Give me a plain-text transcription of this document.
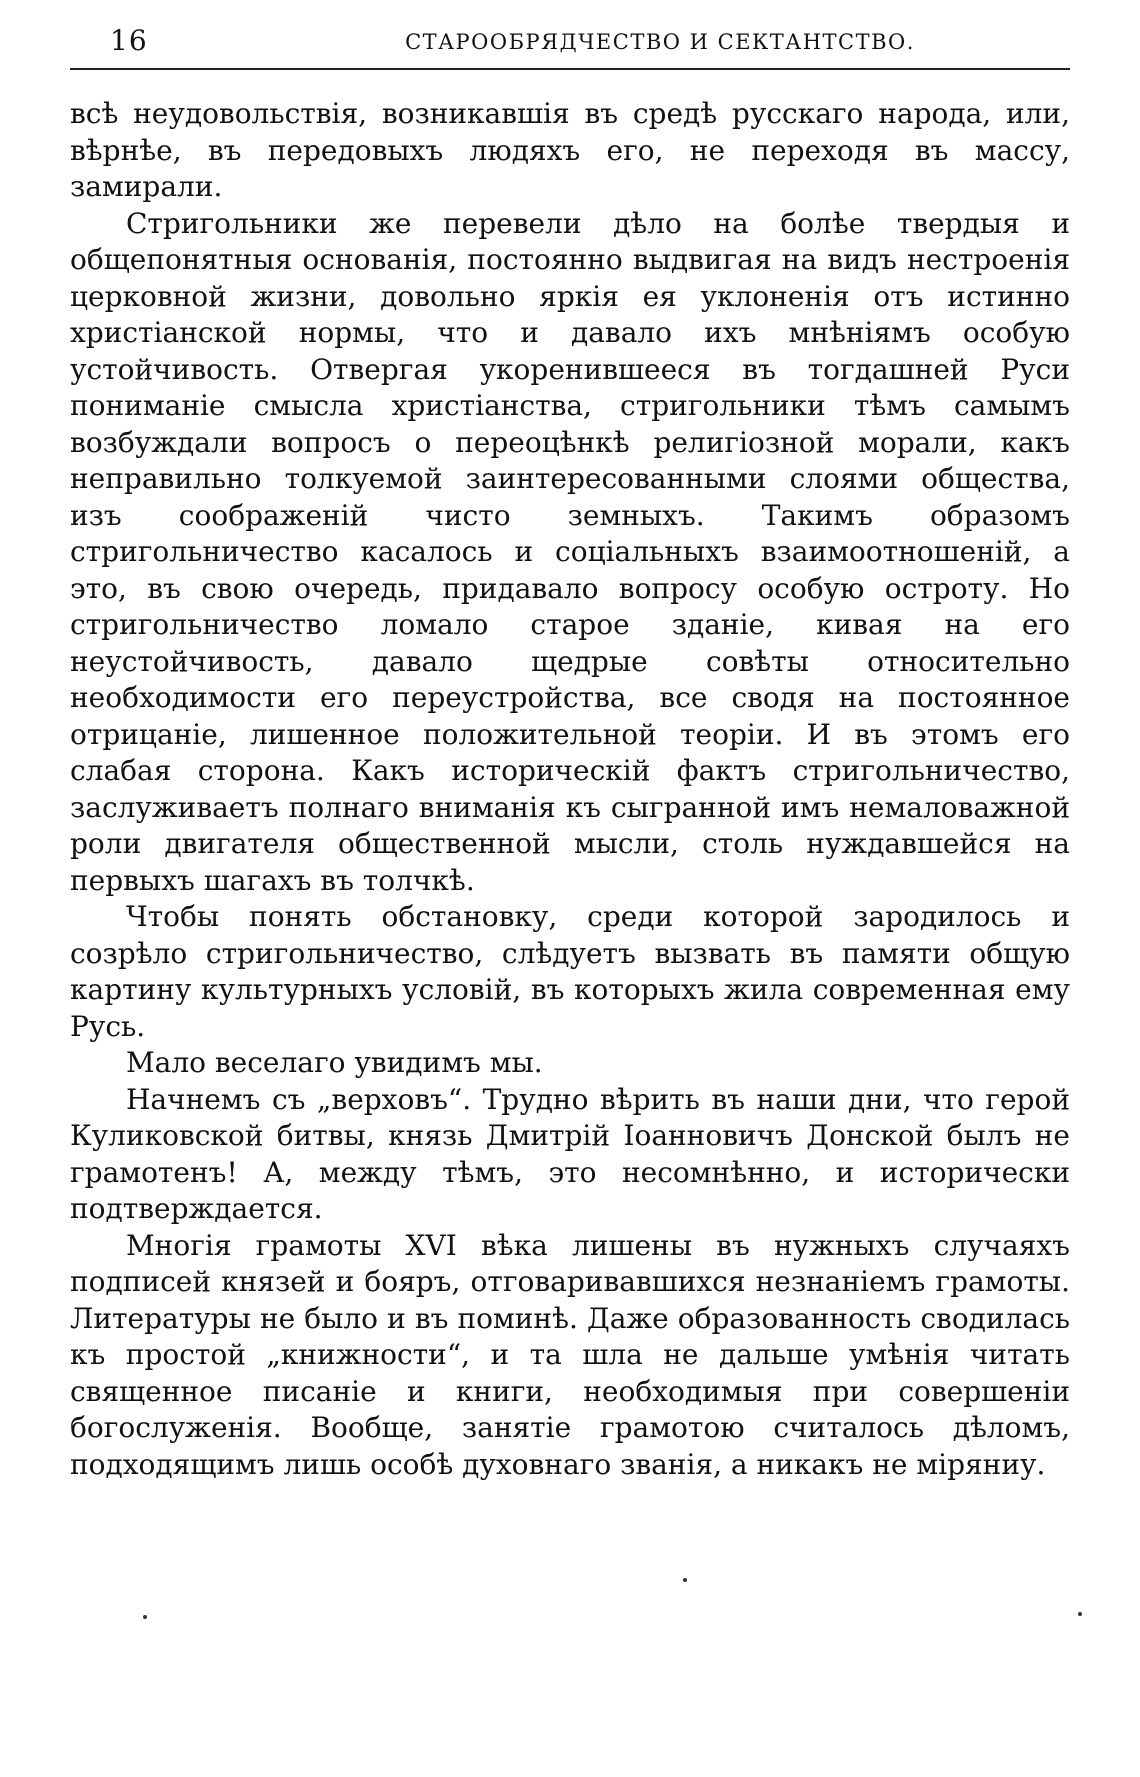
16	СТАРООБРЯДЧЕСТВО И СЕКТАНТСТВО.

всѣ неудовольствія, возникавшія въ средѣ русскаго народа, или, вѣрнѣе, въ передовыхъ людяхъ его, не переходя въ массу, замирали.

Стригольники же перевели дѣло на болѣе твердыя и общепонятныя основанія, постоянно выдвигая на видъ нестроенія церковной жизни, довольно яркія ея уклоненія отъ истинно христіанской нормы, что и давало ихъ мнѣніямъ особую устойчивость. Отвергая укоренившееся въ тогдашней Руси пониманіе смысла христіанства, стригольники тѣмъ самымъ возбуждали вопросъ о переоцѣнкѣ религіозной морали, какъ неправильно толкуемой заинтересованными слоями общества, изъ соображеній чисто земныхъ. Такимъ образомъ стригольничество касалось и соціальныхъ взаимоотношеній, а это, въ свою очередь, придавало вопросу особую остроту. Но стригольничество ломало старое зданіе, кивая на его неустойчивость, давало щедрые совѣты относительно необходимости его переустройства, все сводя на постоянное отрицаніе, лишенное положительной теоріи. И въ этомъ его слабая сторона. Какъ историческій фактъ стригольничество, заслуживаетъ полнаго вниманія къ сыгранной имъ немаловажной роли двигателя общественной мысли, столь нуждавшейся на первыхъ шагахъ въ толчкѣ.

Чтобы понять обстановку, среди которой зародилось и созрѣло стригольничество, слѣдуетъ вызвать въ памяти общую картину культурныхъ условій, въ которыхъ жила современная ему Русь.

Мало веселаго увидимъ мы.

Начнемъ съ „верховъ“. Трудно вѣрить въ наши дни, что герой Куликовской битвы, князь Дмитрій Іоанновичъ Донской былъ не грамотенъ! А, между тѣмъ, это несомнѣнно, и исторически подтверждается.

Многія грамоты XVI вѣка лишены въ нужныхъ случаяхъ подписей князей и бояръ, отговаривавшихся незнаніемъ грамоты. Литературы не было и въ поминѣ. Даже образованность сводилась къ простой „книжности“, и та шла не дальше умѣнія читать священное писаніе и книги, необходимыя при совершеніи богослуженія. Вообще, занятіе грамотою считалось дѣломъ, подходящимъ лишь особѣ духовнаго званія, а никакъ не міряниу.
